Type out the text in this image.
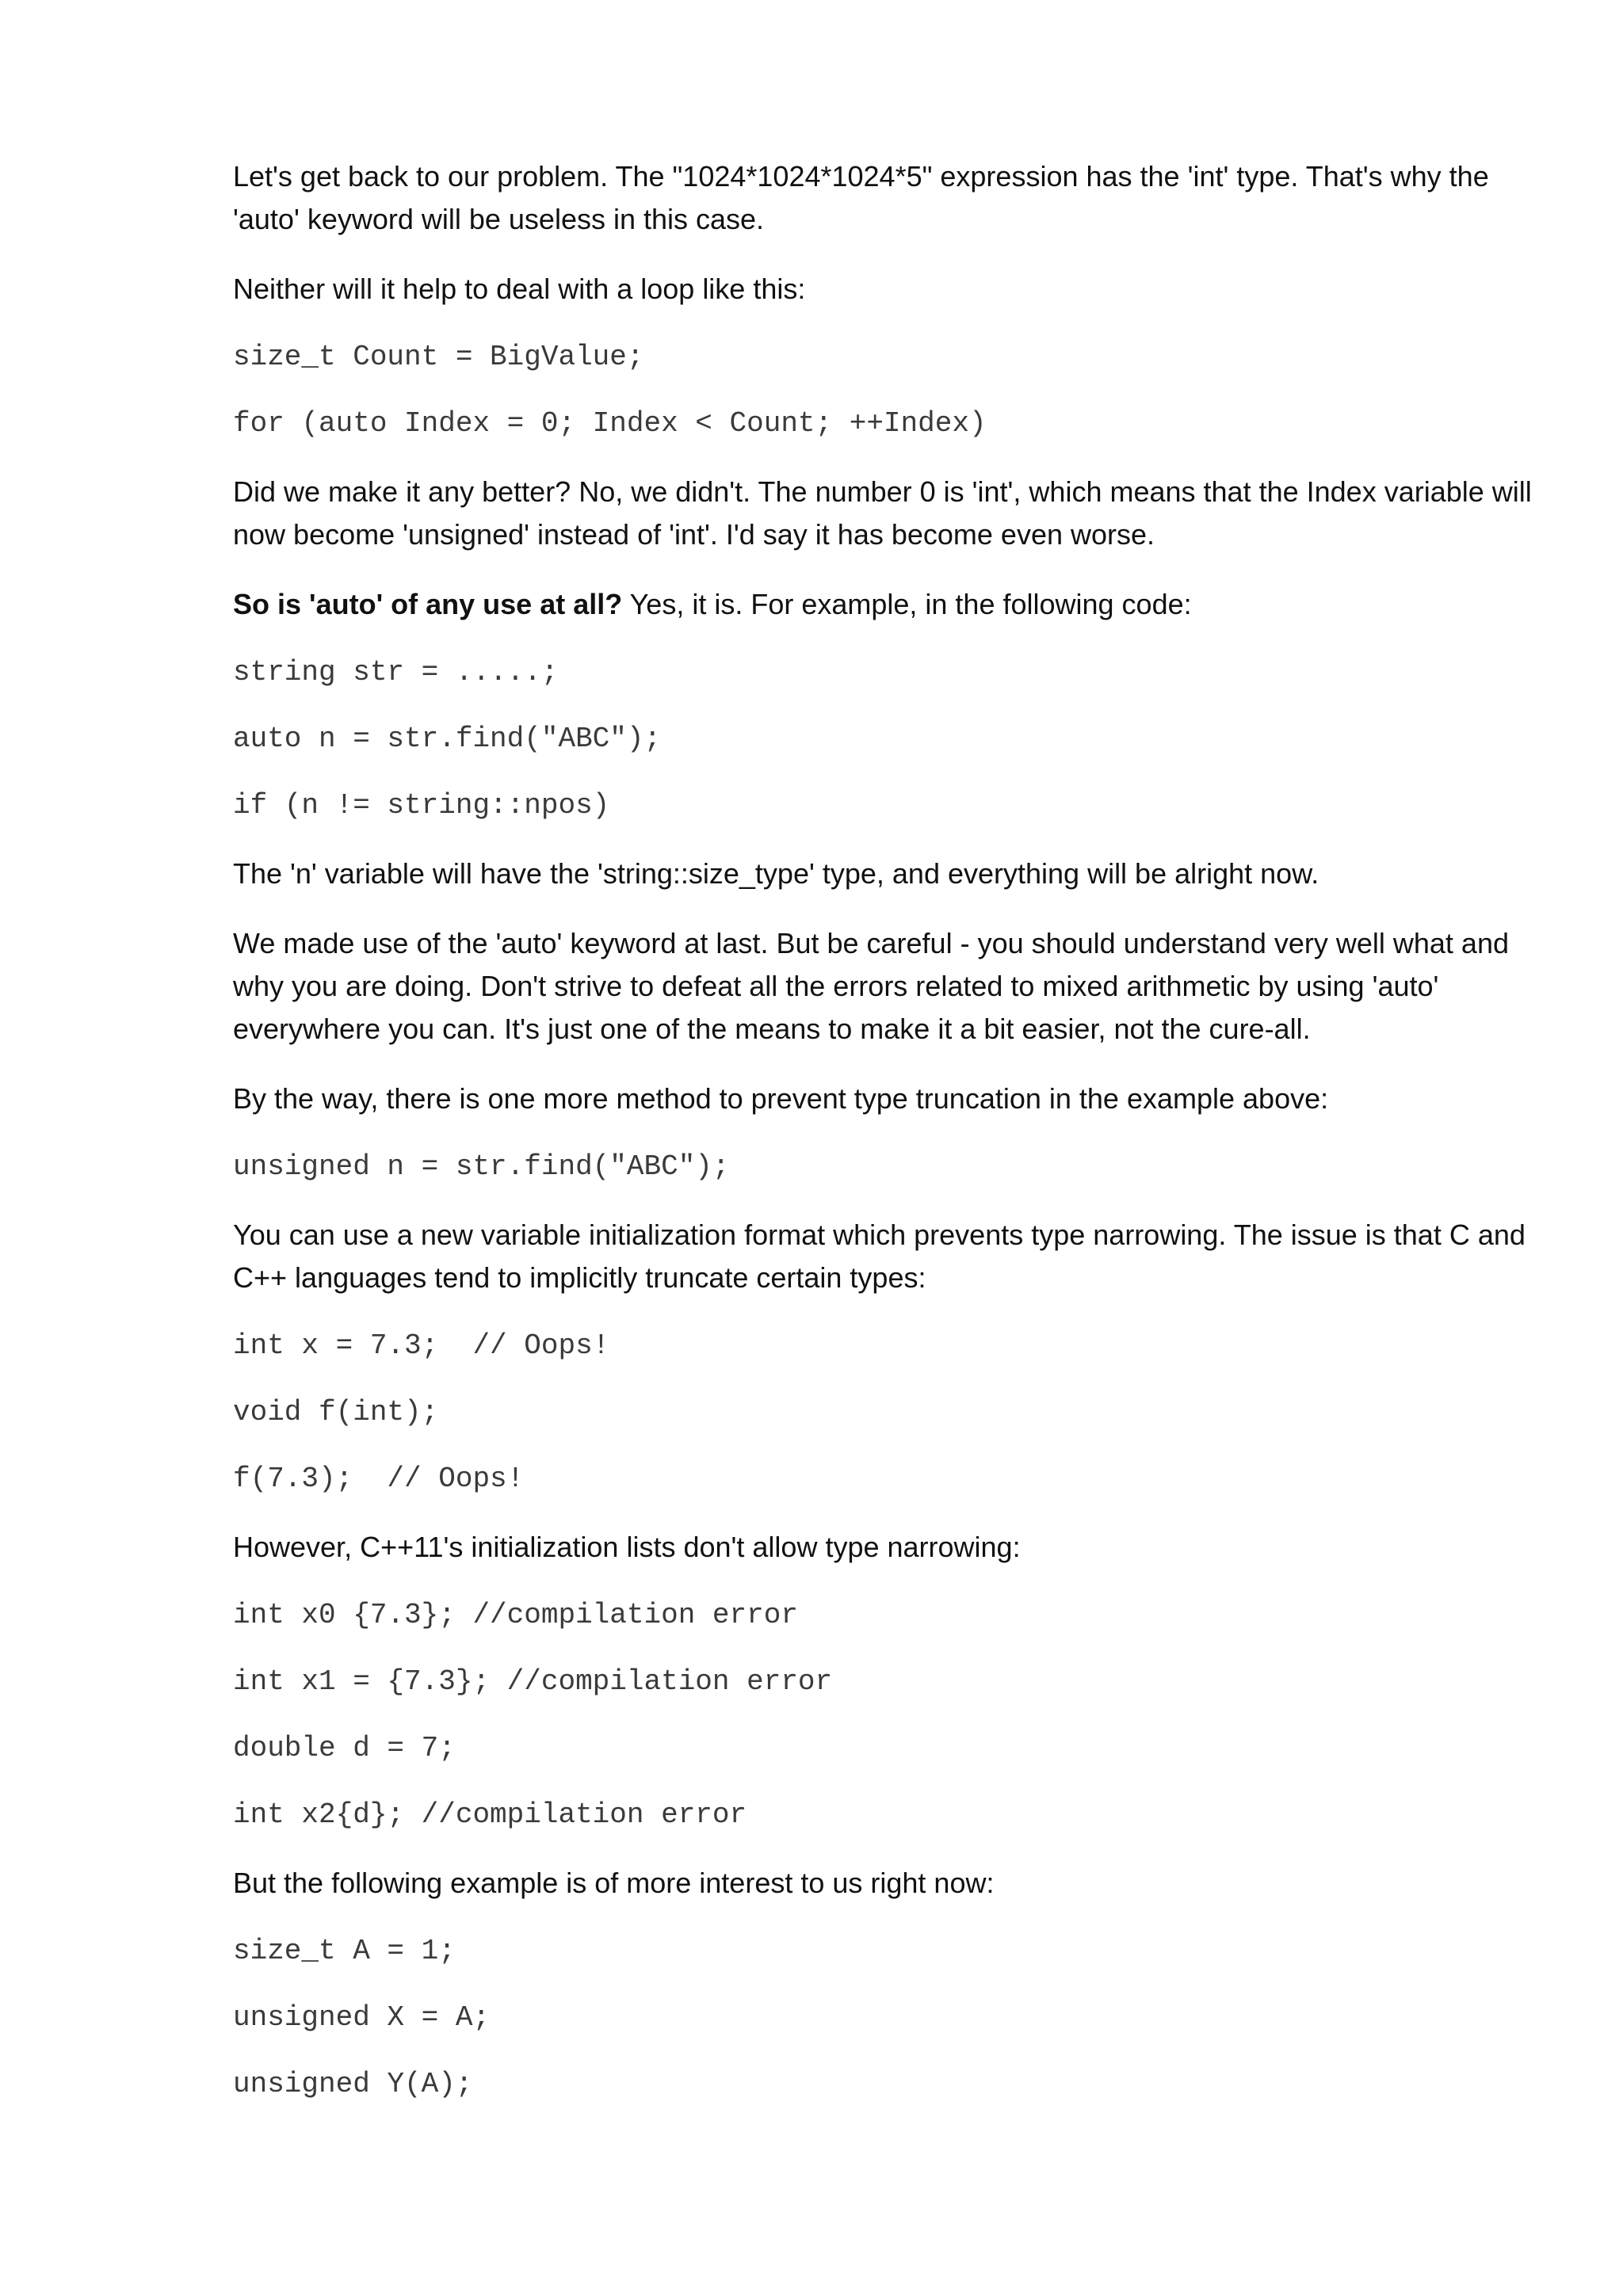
Let's get back to our problem. The "1024*1024*1024*5" expression has the 'int' type. That's why the 'auto' keyword will be useless in this case.

Neither will it help to deal with a loop like this:

size_t Count = BigValue;
for (auto Index = 0; Index < Count; ++Index)

Did we make it any better? No, we didn't. The number 0 is 'int', which means that the Index variable will now become 'unsigned' instead of 'int'. I'd say it has become even worse.

So is 'auto' of any use at all? Yes, it is. For example, in the following code:

string str = .....;
auto n = str.find("ABC");
if (n != string::npos)

The 'n' variable will have the 'string::size_type' type, and everything will be alright now.

We made use of the 'auto' keyword at last. But be careful - you should understand very well what and why you are doing. Don't strive to defeat all the errors related to mixed arithmetic by using 'auto' everywhere you can. It's just one of the means to make it a bit easier, not the cure-all.

By the way, there is one more method to prevent type truncation in the example above:

unsigned n = str.find("ABC");

You can use a new variable initialization format which prevents type narrowing. The issue is that C and C++ languages tend to implicitly truncate certain types:

int x = 7.3;  // Oops!
void f(int);
f(7.3);  // Oops!

However, C++11's initialization lists don't allow type narrowing:

int x0 {7.3}; //compilation error
int x1 = {7.3}; //compilation error
double d = 7;
int x2{d}; //compilation error

But the following example is of more interest to us right now:

size_t A = 1;
unsigned X = A;
unsigned Y(A);
